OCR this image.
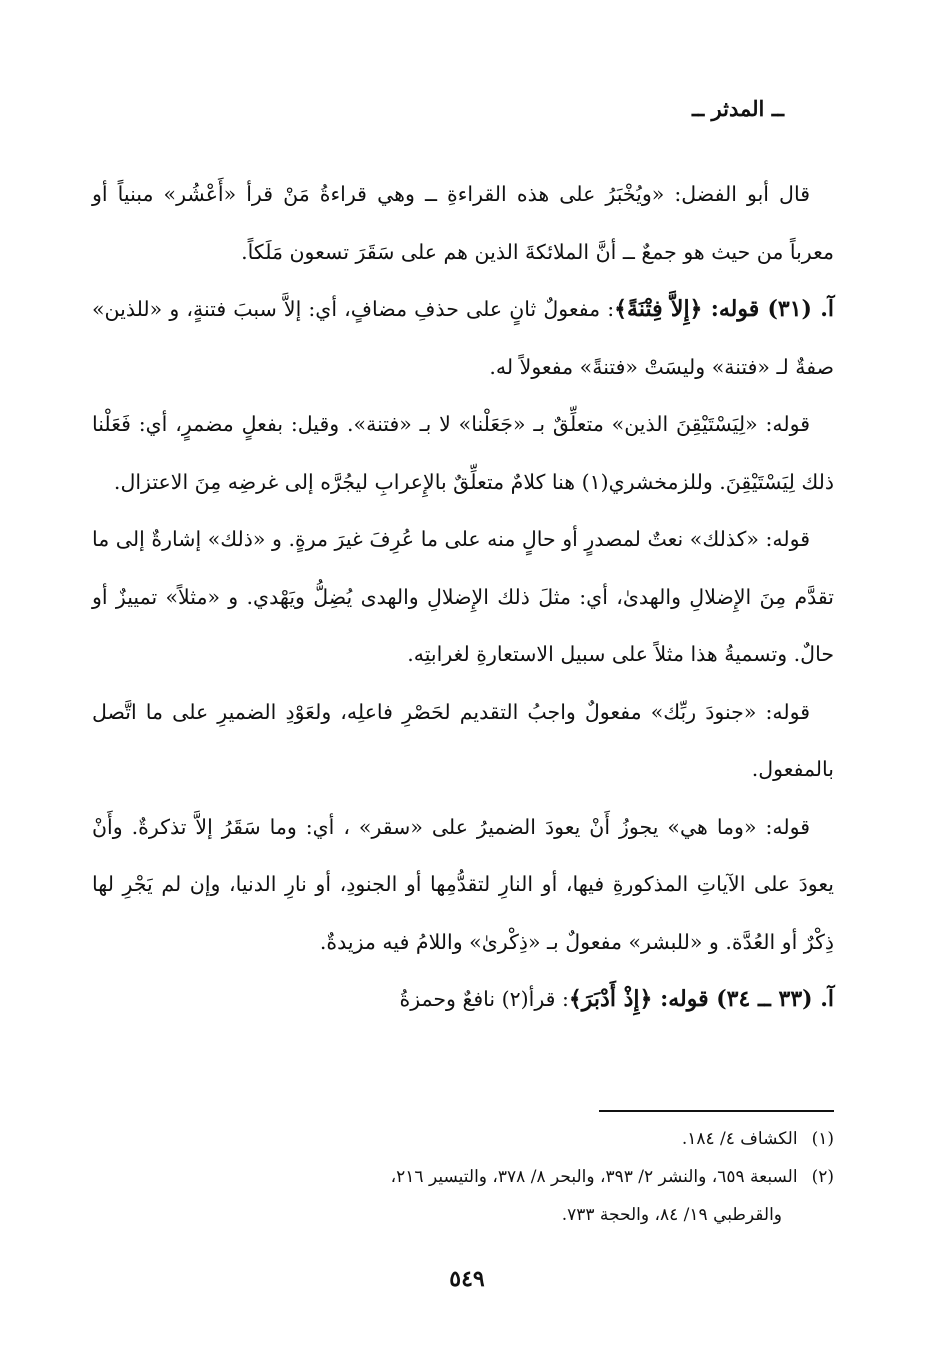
ــ المدثر ــ

قال أبو الفضل: «ويُخْبَرُ على هذه القراءةِ ــ وهي قراءةُ مَنْ قرأ «أَعْشُر» مبنياً أو معرباً من حيث هو جمعٌ ــ أنَّ الملائكةَ الذين هم على سَقَرَ تسعون مَلَكاً.

آ. (٣١) قوله: ﴿إِلاَّ فِتْنَةً﴾: مفعولٌ ثانٍ على حذفِ مضافٍ، أي: إلاَّ سببَ فتنةٍ، و «للذين» صفةٌ لـ «فتنة» وليسَتْ «فتنةً» مفعولاً له.

قوله: «لِيَسْتَيْقِنَ الذين» متعلِّقٌ بـ «جَعَلْنا» لا بـ «فتنة». وقيل: بفعلٍ مضمرٍ، أي: فَعَلْنا ذلك لِيَسْتَيْقِنَ. وللزمخشري(١) هنا كلامٌ متعلِّقٌ بالإِعرابِ ليجُرَّه إلى غرضِه مِنَ الاعتزال.

قوله: «كذلك» نعتٌ لمصدرٍ أو حالٍ منه على ما عُرِفَ غيرَ مرةٍ. و «ذلك» إشارةٌ إلى ما تقدَّم مِنَ الإِضلالِ والهدىٰ، أي: مثلَ ذلك الإِضلالِ والهدى يُضِلُّ ويَهْدي. و «مثلاً» تمييزٌ أو حالٌ. وتسميةُ هذا مثلاً على سبيل الاستعارةِ لغرابتِه.

قوله: «جنودَ ربِّك» مفعولٌ واجبُ التقديم لحَصْرِ فاعلِه، ولعَوْدِ الضميرِ على ما اتَّصل بالمفعول.

قوله: «وما هي» يجوزُ أَنْ يعودَ الضميرُ على «سقر» ، أي: وما سَقَرُ إلاَّ تذكرةٌ. وأَنْ يعودَ على الآياتِ المذكورةِ فيها، أو النارِ لتقدُّمِها أو الجنودِ، أو نارِ الدنيا، وإن لم يَجْرِ لها ذِكْرٌ أو العُدَّة. و «للبشر» مفعولٌ بـ «ذِكْرىٰ» واللامُ فيه مزيدةٌ.

آ. (٣٣ ــ ٣٤) قوله: ﴿إِذْ أَدْبَرَ﴾: قرأ(٢) نافعٌ وحمزةُ

(١)الكشاف ٤/ ١٨٤.

(٢)السبعة ٦٥٩، والنشر ٢/ ٣٩٣، والبحر ٨/ ٣٧٨، والتيسير ٢١٦،

والقرطبي ١٩/ ٨٤، والحجة ٧٣٣.

٥٤٩
